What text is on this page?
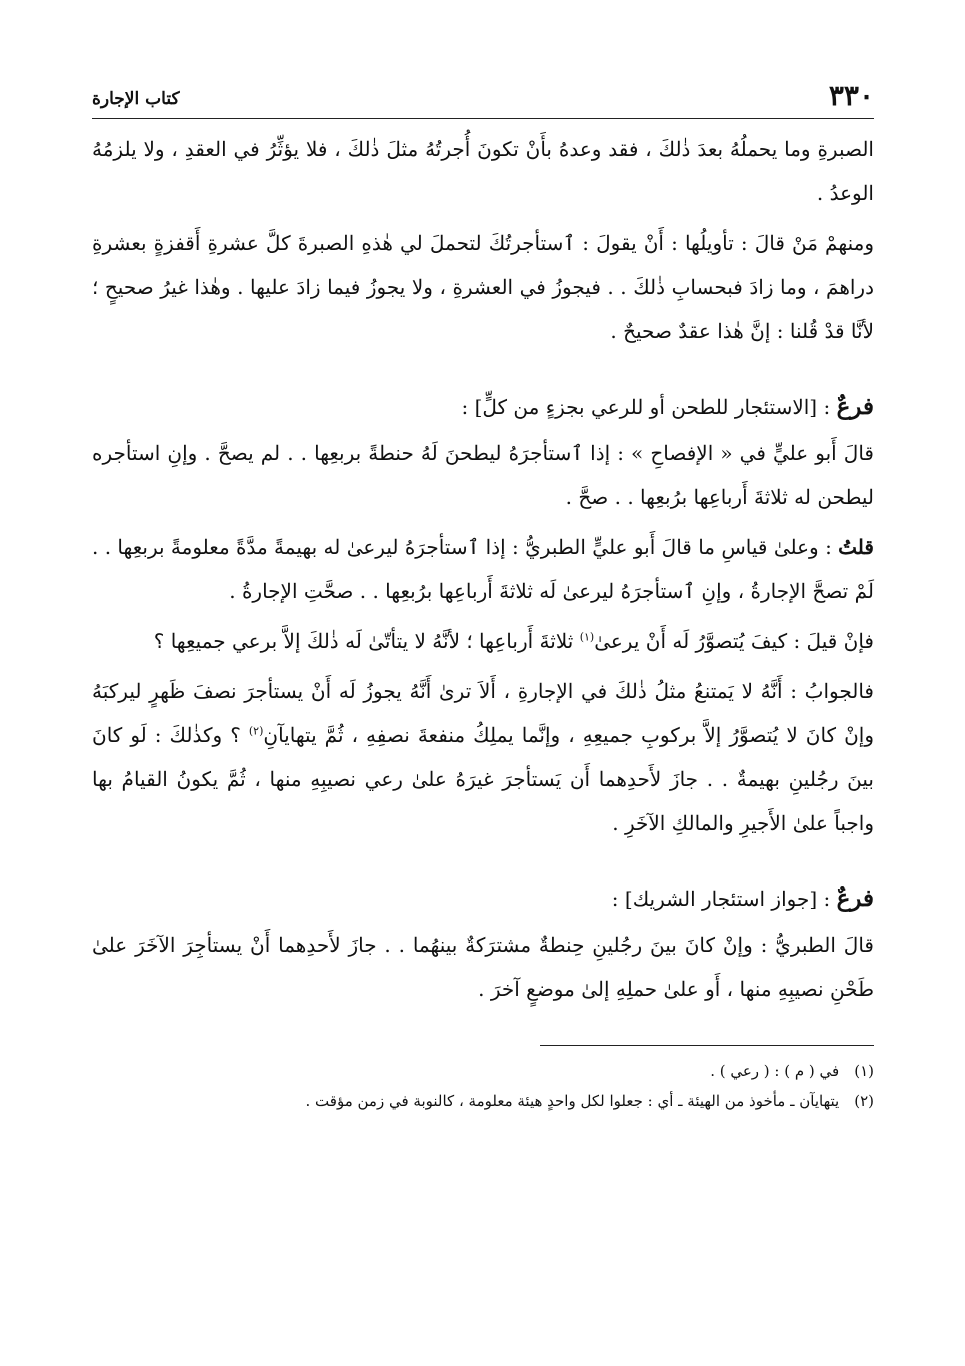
٣٣٠
كتاب الإجارة

الصبرةِ وما يحملُهُ بعدَ ذٰلكَ ، فقد وعدهُ بأَنْ تكونَ أُجرتُهُ مثلَ ذٰلكَ ، فلا يؤثِّرُ في العقدِ ، ولا يلزمُهُ الوعدُ .

ومنهمْ مَنْ قالَ : تأويلُها : أَنْ يقولَ : ٱستأجرتُكَ لتحملَ لي هٰذهِ الصبرةَ كلَّ عشرةِ أَقفزةٍ بعشرةِ دراهمَ ، وما زادَ فبحسابِ ذٰلكَ . . فيجوزُ في العشرةِ ، ولا يجوزُ فيما زادَ عليها . وهٰذا غيرُ صحيحٍ ؛ لأنَّا قدْ قُلنا : إنَّ هٰذا عقدٌ صحيحٌ .

فرعٌ : [الاستئجار للطحن أو للرعي بجزءٍ من كلٍّ] :

قالَ أَبو عليٍّ في « الإفصاحِ » : إذا ٱستأجرَهُ ليطحنَ لَهُ حنطةً بربعِها . . لم يصحَّ . وإنِ استأجره ليطحن له ثلاثةَ أَرباعِها برُبعِها . . صحَّ .

قلتُ : وعلىٰ قياسِ ما قالَ أَبو عليٍّ الطبريُّ : إذا ٱستأجرَهُ ليرعىٰ له بهيمةً مدَّةً معلومةً بربعِها . . لَمْ تصحَّ الإجارةُ ، وإنِ ٱستأجرَهُ ليرعىٰ لَه ثلاثةَ أَرباعِها برُبعِها . . صحَّتِ الإجارةُ .

فإنْ قيلَ : كيفَ يُتصوَّرُ لَه أَنْ يرعىٰ$^{(١)}$ ثلاثةَ أَرباعِها ؛ لأنَّهُ لا يتأتّىٰ لَه ذٰلكَ إلاَّ برعي جميعِها ؟

فالجوابُ : أَنَّهُ لا يَمتنعُ مثلُ ذٰلكَ في الإجارةِ ، أَلاَ ترىٰ أَنَّهُ يجوزُ لَه أَنْ يستأجرَ نصفَ ظَهرٍ ليركبَهُ وإنْ كانَ لا يُتصوَّرُ إلاَّ بركوبِ جميعِهِ ، وإنَّما يملِكُ منفعةَ نصفِهِ ، ثُمَّ يتهايآنِ$^{(٢)}$ ؟ وكذٰلكَ : لَو كانَ بينَ رجُلينِ بهيمةٌ . . جازَ لأَحدِهما أَن يَستأجرَ غيرَهُ علىٰ رعي نصيبِهِ منها ، ثُمَّ يكونُ القيامُ بها واجباً علىٰ الأَجيرِ والمالكِ الآخَرِ .

فرعٌ : [جواز استئجار الشريك] :

قالَ الطبريُّ : وإنْ كانَ بينَ رجُلينِ حِنطةٌ مشترَكةٌ بينهُما . . جازَ لأَحدِهما أَنْ يستأجِرَ الآخَرَ علىٰ طَحْنِ نصيبِهِ منها ، أَو علىٰ حملِهِ إلىٰ موضعٍ آخرَ .

(١) في ( م ) : ( رعي ) .
(٢) يتهايآن ـ مأخوذ من الهيئة ـ أي : جعلوا لكل واحدٍ هيئة معلومة ، كالنوبة في زمن مؤقت .
